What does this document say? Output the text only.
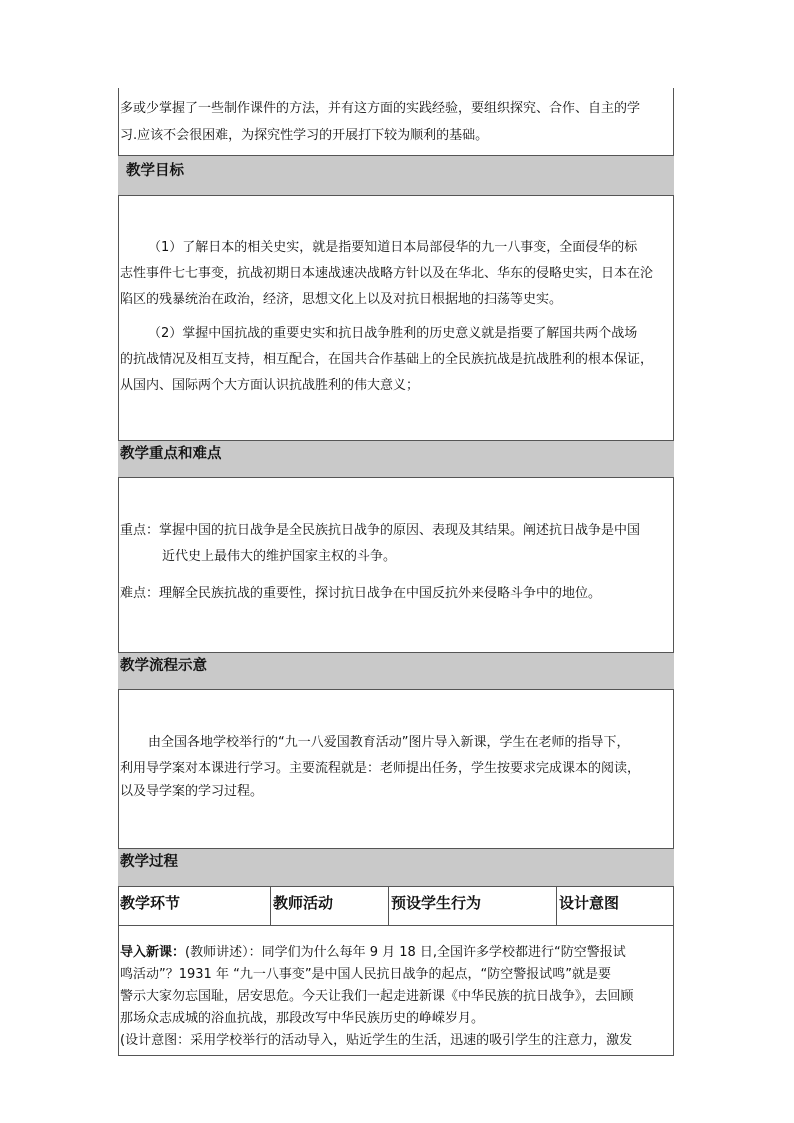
多或少掌握了一些制作课件的方法，并有这方面的实践经验，要组织探究、合作、自主的学
习.应该不会很困难，为探究性学习的开展打下较为顺利的基础。
教学目标
（1）了解日本的相关史实，就是指要知道日本局部侵华的九一八事变，全面侵华的标
志性事件七七事变，抗战初期日本速战速决战略方针以及在华北、华东的侵略史实，日本在沦
陷区的残暴统治在政治，经济，思想文化上以及对抗日根据地的扫荡等史实。
（2）掌握中国抗战的重要史实和抗日战争胜利的历史意义就是指要了解国共两个战场
的抗战情况及相互支持，相互配合，在国共合作基础上的全民族抗战是抗战胜利的根本保证，
从国内、国际两个大方面认识抗战胜利的伟大意义；
教学重点和难点
重点：掌握中国的抗日战争是全民族抗日战争的原因、表现及其结果。阐述抗日战争是中国
近代史上最伟大的维护国家主权的斗争。
难点：理解全民族抗战的重要性，探讨抗日战争在中国反抗外来侵略斗争中的地位。
教学流程示意
由全国各地学校举行的“九一八爱国教育活动”图片导入新课，学生在老师的指导下，
利用导学案对本课进行学习。主要流程就是：老师提出任务，学生按要求完成课本的阅读，
以及导学案的学习过程。
教学过程
教学环节	教师活动	预设学生行为	设计意图
导入新课：(教师讲述）：同学们为什么每年 9 月 18 日,全国许多学校都进行“防空警报试
鸣活动”？1931 年 “九一八事变”是中国人民抗日战争的起点，“防空警报试鸣”就是要
警示大家勿忘国耻，居安思危。今天让我们一起走进新课《中华民族的抗日战争》，去回顾
那场众志成城的浴血抗战，那段改写中华民族历史的峥嵘岁月。
(设计意图：采用学校举行的活动导入，贴近学生的生活，迅速的吸引学生的注意力，激发
